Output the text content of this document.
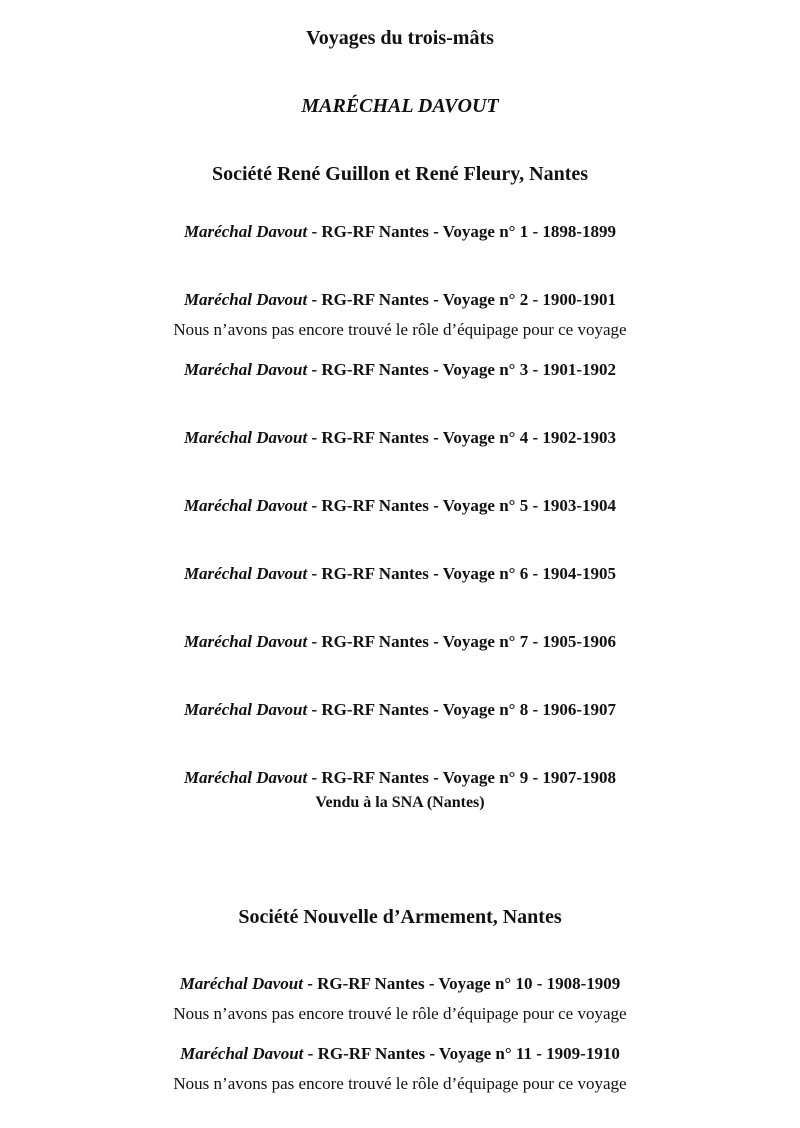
Voyages du trois-mâts
MARÉCHAL DAVOUT
Société René Guillon et René Fleury, Nantes
Maréchal Davout - RG-RF Nantes - Voyage n° 1 - 1898-1899
Maréchal Davout - RG-RF Nantes - Voyage n° 2 - 1900-1901
Nous n’avons pas encore trouvé le rôle d’équipage pour ce voyage
Maréchal Davout - RG-RF Nantes - Voyage n° 3 - 1901-1902
Maréchal Davout - RG-RF Nantes - Voyage n° 4 - 1902-1903
Maréchal Davout - RG-RF Nantes - Voyage n° 5 - 1903-1904
Maréchal Davout - RG-RF Nantes - Voyage n° 6 - 1904-1905
Maréchal Davout - RG-RF Nantes - Voyage n° 7 - 1905-1906
Maréchal Davout - RG-RF Nantes - Voyage n° 8 - 1906-1907
Maréchal Davout - RG-RF Nantes - Voyage n° 9 - 1907-1908
Vendu à la SNA (Nantes)
Société Nouvelle d’Armement, Nantes
Maréchal Davout - RG-RF Nantes - Voyage n° 10 - 1908-1909
Nous n’avons pas encore trouvé le rôle d’équipage pour ce voyage
Maréchal Davout - RG-RF Nantes - Voyage n° 11 - 1909-1910
Nous n’avons pas encore trouvé le rôle d’équipage pour ce voyage
